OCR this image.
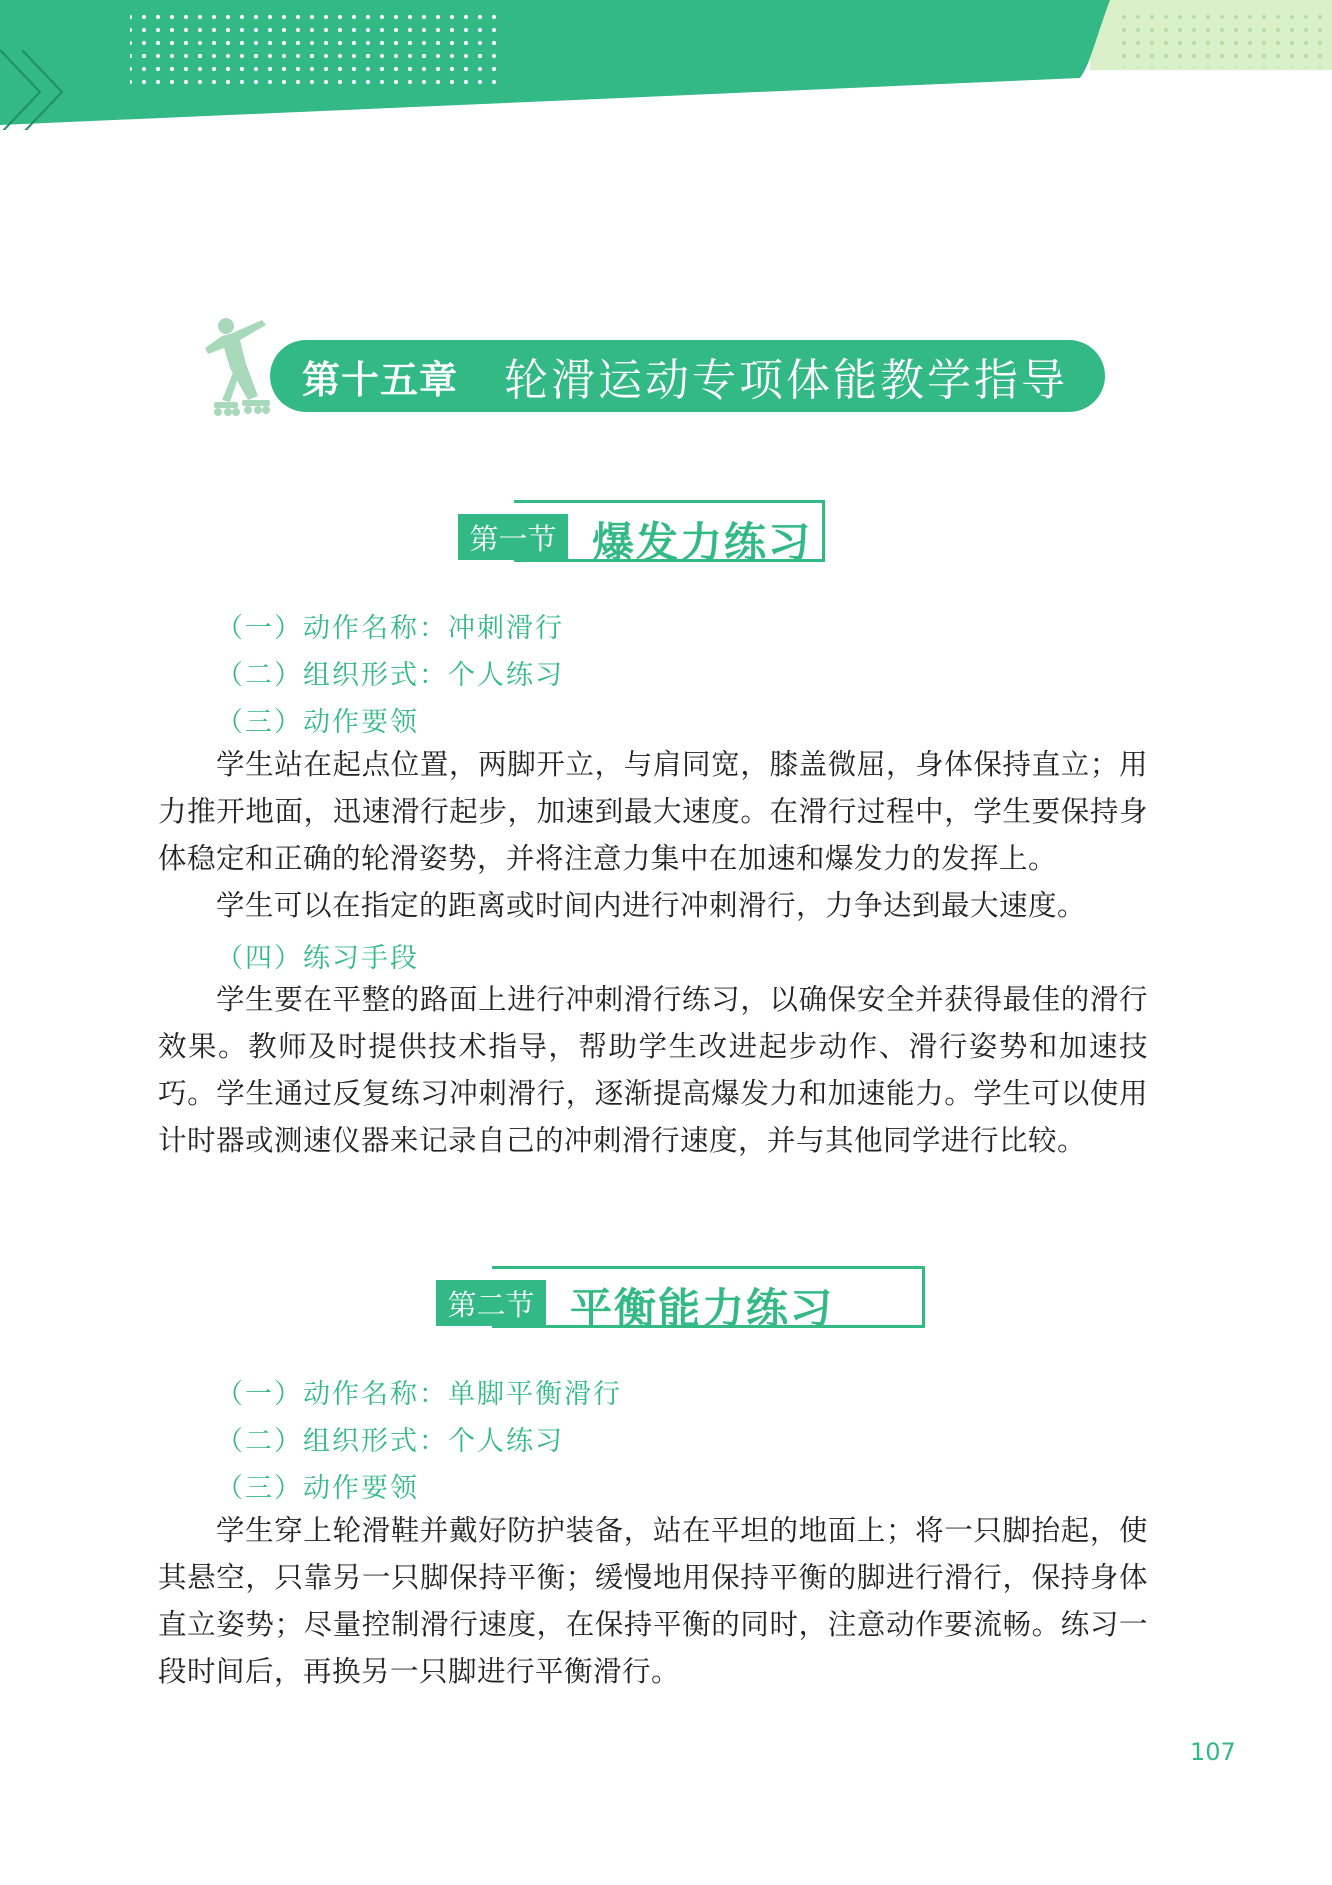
第十五章 轮滑运动专项体能教学指导
第一节 爆发力练习
（一）动作名称：冲刺滑行
（二）组织形式：个人练习
（三）动作要领
学生站在起点位置，两脚开立，与肩同宽，膝盖微屈，身体保持直立；用力推开地面，迅速滑行起步，加速到最大速度。在滑行过程中，学生要保持身体稳定和正确的轮滑姿势，并将注意力集中在加速和爆发力的发挥上。
学生可以在指定的距离或时间内进行冲刺滑行，力争达到最大速度。
（四）练习手段
学生要在平整的路面上进行冲刺滑行练习，以确保安全并获得最佳的滑行效果。教师及时提供技术指导，帮助学生改进起步动作、滑行姿势和加速技巧。学生通过反复练习冲刺滑行，逐渐提高爆发力和加速能力。学生可以使用计时器或测速仪器来记录自己的冲刺滑行速度，并与其他同学进行比较。
第二节 平衡能力练习
（一）动作名称：单脚平衡滑行
（二）组织形式：个人练习
（三）动作要领
学生穿上轮滑鞋并戴好防护装备，站在平坦的地面上；将一只脚抬起，使其悬空，只靠另一只脚保持平衡；缓慢地用保持平衡的脚进行滑行，保持身体直立姿势；尽量控制滑行速度，在保持平衡的同时，注意动作要流畅。练习一段时间后，再换另一只脚进行平衡滑行。
107
